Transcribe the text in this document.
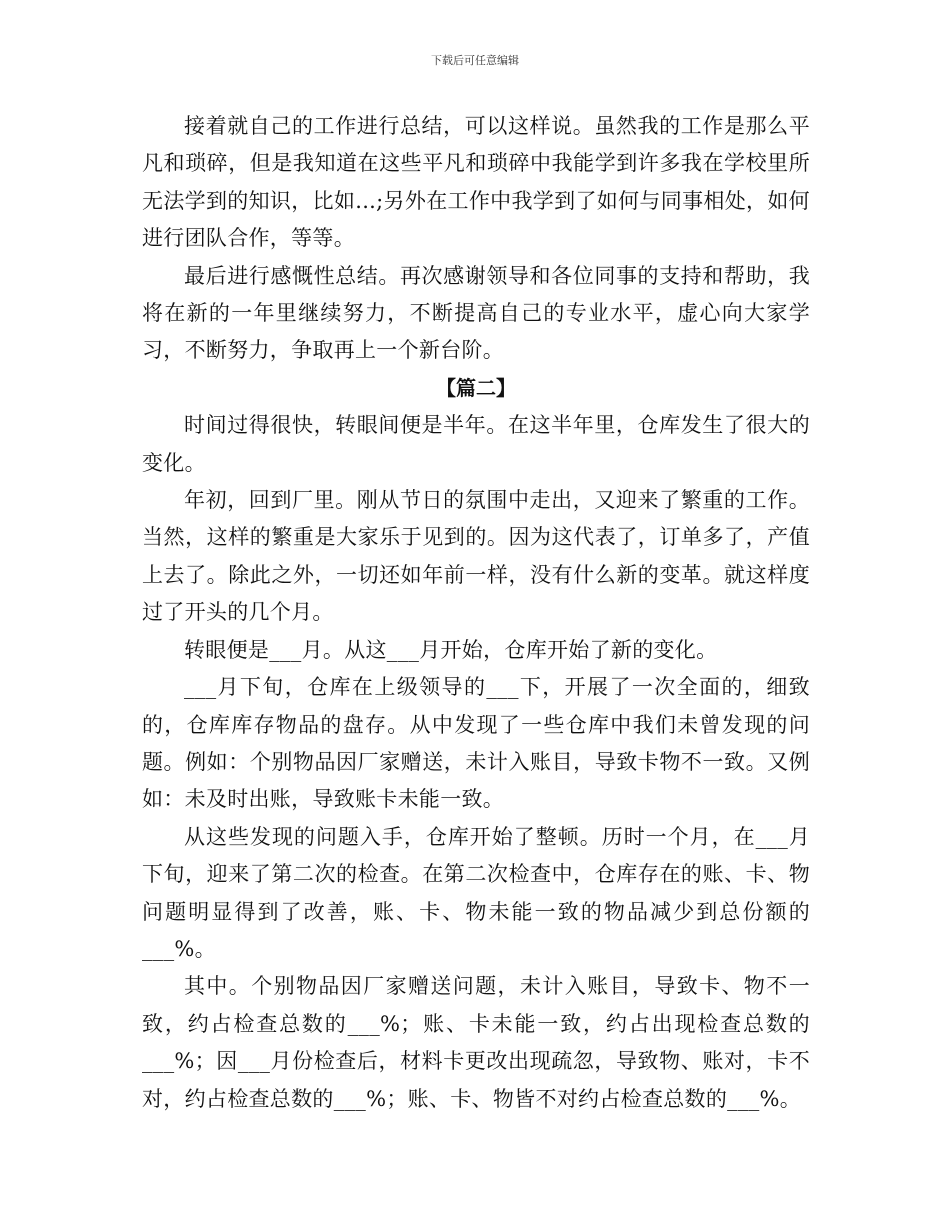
下载后可任意编辑

接着就自己的工作进行总结，可以这样说。虽然我的工作是那么平凡和琐碎，但是我知道在这些平凡和琐碎中我能学到许多我在学校里所无法学到的知识，比如...;另外在工作中我学到了如何与同事相处，如何进行团队合作，等等。

最后进行感慨性总结。再次感谢领导和各位同事的支持和帮助，我将在新的一年里继续努力，不断提高自己的专业水平，虚心向大家学习，不断努力，争取再上一个新台阶。

【篇二】

时间过得很快，转眼间便是半年。在这半年里，仓库发生了很大的变化。

年初，回到厂里。刚从节日的氛围中走出，又迎来了繁重的工作。当然，这样的繁重是大家乐于见到的。因为这代表了，订单多了，产值上去了。除此之外，一切还如年前一样，没有什么新的变革。就这样度过了开头的几个月。

转眼便是___月。从这___月开始，仓库开始了新的变化。

___月下旬，仓库在上级领导的___下，开展了一次全面的，细致的，仓库库存物品的盘存。从中发现了一些仓库中我们未曾发现的问题。例如：个别物品因厂家赠送，未计入账目，导致卡物不一致。又例如：未及时出账，导致账卡未能一致。

从这些发现的问题入手，仓库开始了整顿。历时一个月，在___月下旬，迎来了第二次的检查。在第二次检查中，仓库存在的账、卡、物问题明显得到了改善，账、卡、物未能一致的物品减少到总份额的___%。

其中。个别物品因厂家赠送问题，未计入账目，导致卡、物不一致，约占检查总数的___%；账、卡未能一致，约占出现检查总数的___%；因___月份检查后，材料卡更改出现疏忽，导致物、账对，卡不对，约占检查总数的___%；账、卡、物皆不对约占检查总数的___%。
